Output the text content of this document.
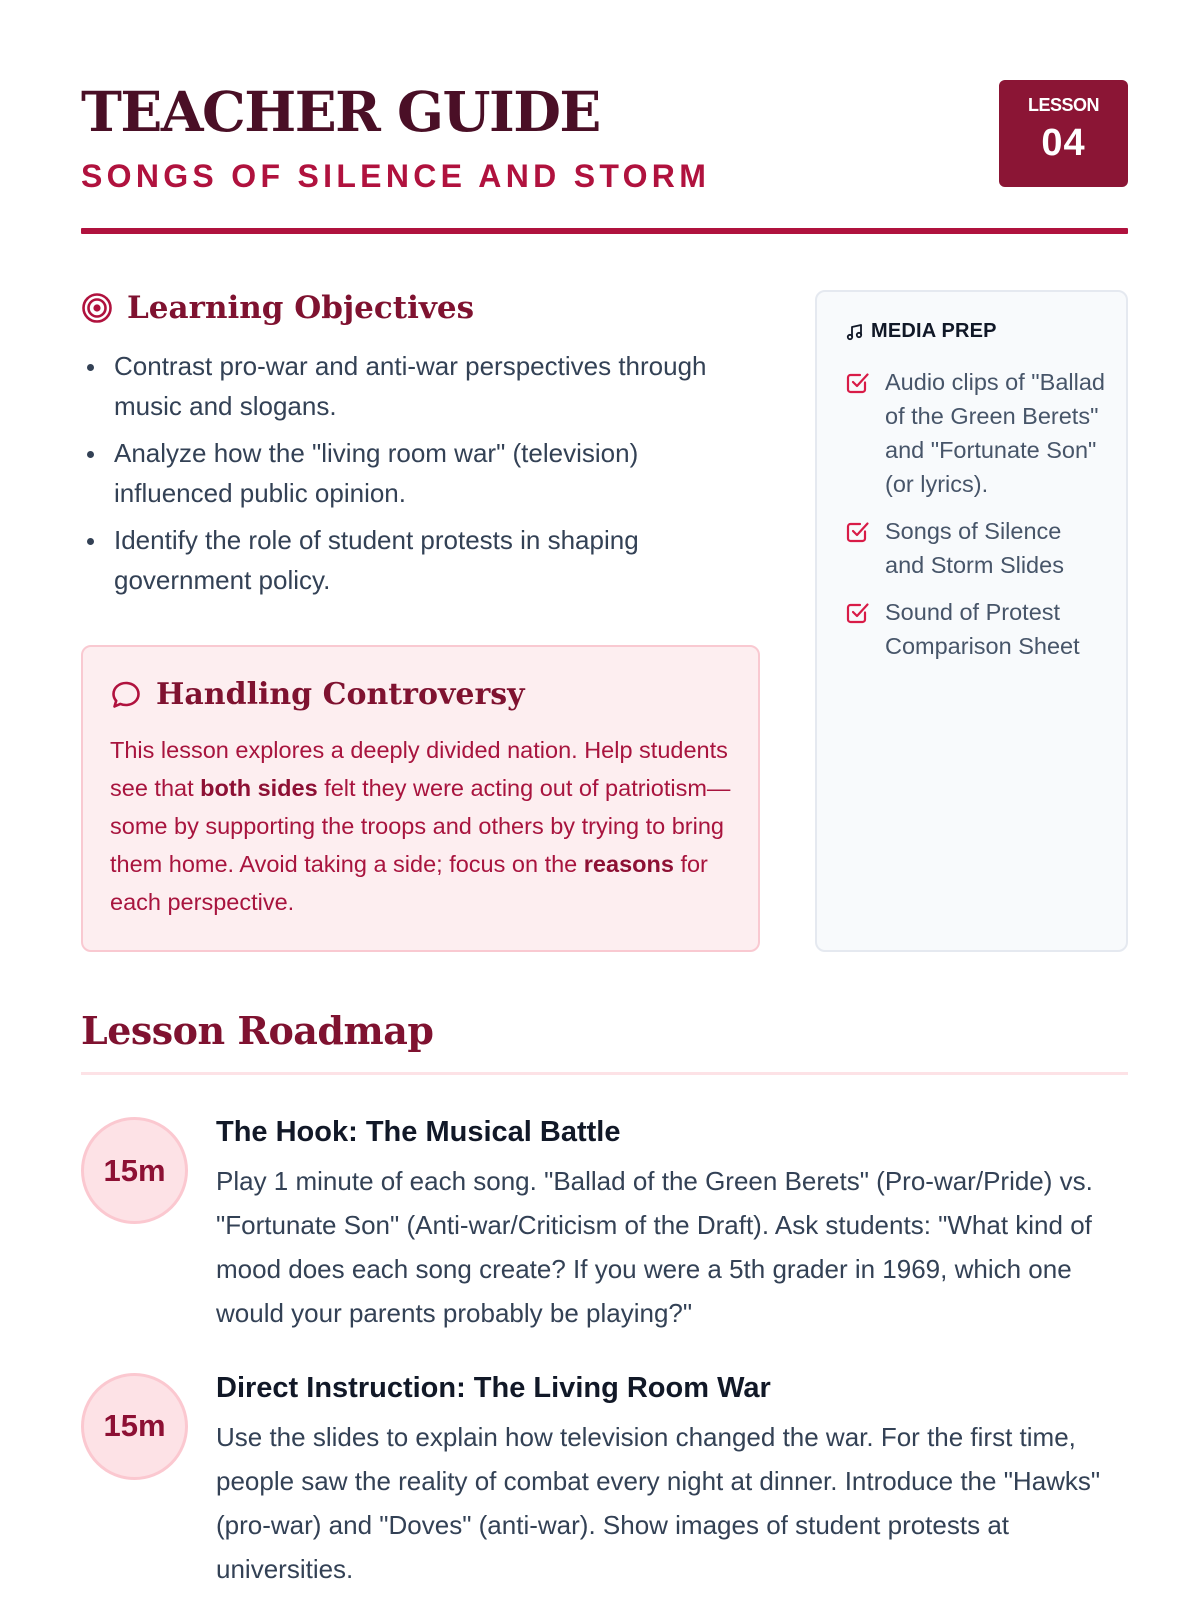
TEACHER GUIDE
SONGS OF SILENCE AND STORM
LESSON
04
Learning Objectives
Contrast pro-war and anti-war perspectives through music and slogans.
Analyze how the "living room war" (television) influenced public opinion.
Identify the role of student protests in shaping government policy.
Handling Controversy

This lesson explores a deeply divided nation. Help students see that both sides felt they were acting out of patriotism—some by supporting the troops and others by trying to bring them home. Avoid taking a side; focus on the reasons for each perspective.

MEDIA PREP
Audio clips of "Ballad of the Green Berets" and "Fortunate Son" (or lyrics).
Songs of Silence and Storm Slides
Sound of Protest Comparison Sheet
Lesson Roadmap
15m
The Hook: The Musical Battle

Play 1 minute of each song. "Ballad of the Green Berets" (Pro-war/Pride) vs. "Fortunate Son" (Anti-war/Criticism of the Draft). Ask students: "What kind of mood does each song create? If you were a 5th grader in 1969, which one would your parents probably be playing?"

15m
Direct Instruction: The Living Room War

Use the slides to explain how television changed the war. For the first time, people saw the reality of combat every night at dinner. Introduce the "Hawks" (pro-war) and "Doves" (anti-war). Show images of student protests at universities.
